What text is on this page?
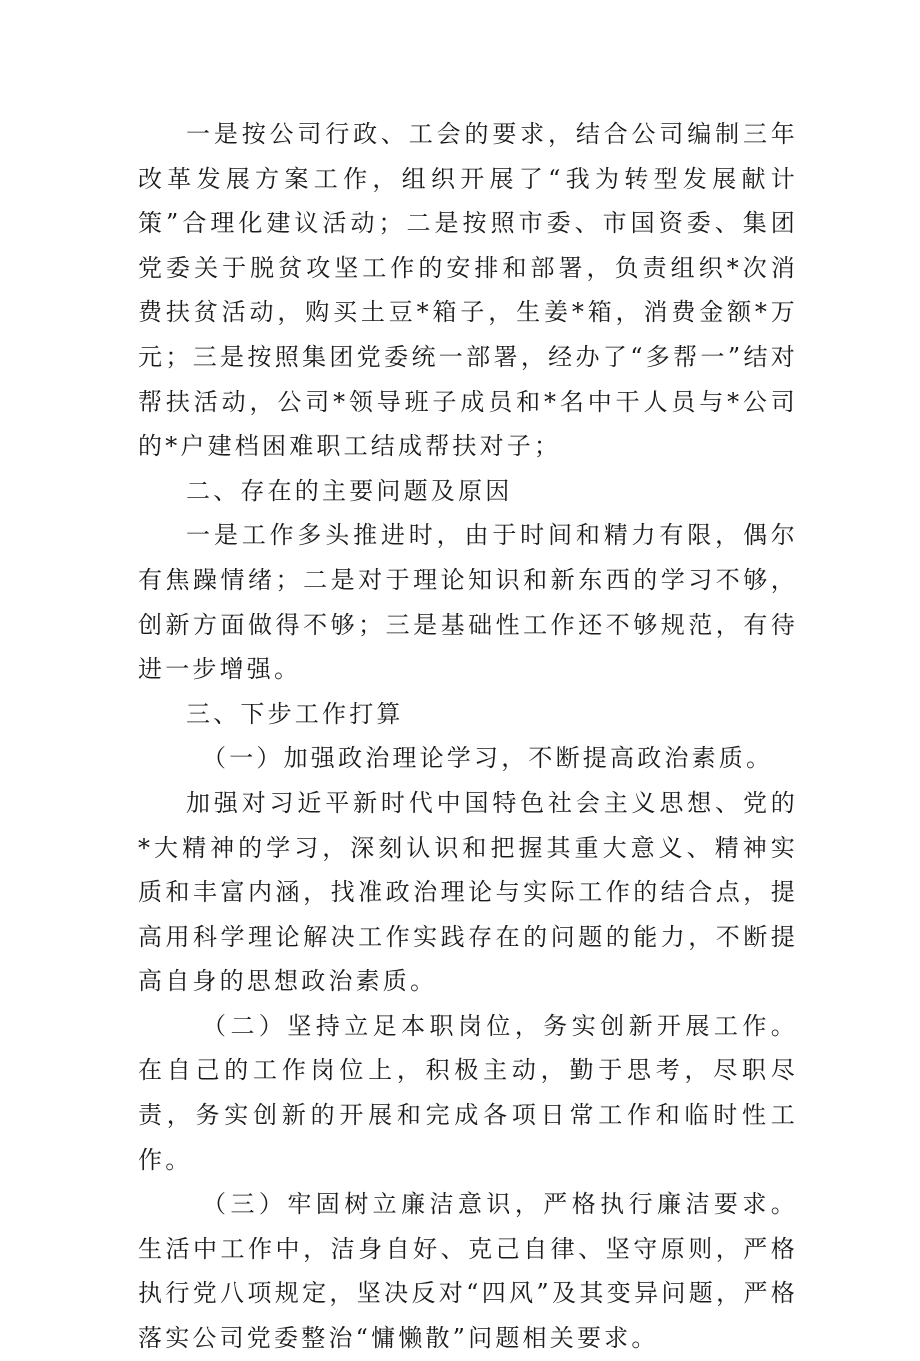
一是按公司行政、工会的要求，结合公司编制三年改革发展方案工作，组织开展了“我为转型发展献计策”合理化建议活动；二是按照市委、市国资委、集团党委关于脱贫攻坚工作的安排和部署，负责组织*次消费扶贫活动，购买土豆*箱子，生姜*箱，消费金额*万元；三是按照集团党委统一部署，经办了“多帮一”结对帮扶活动，公司*领导班子成员和*名中干人员与*公司的*户建档困难职工结成帮扶对子；

二、存在的主要问题及原因

一是工作多头推进时，由于时间和精力有限，偶尔有焦躁情绪；二是对于理论知识和新东西的学习不够，创新方面做得不够；三是基础性工作还不够规范，有待进一步增强。

三、下步工作打算

（一）加强政治理论学习，不断提高政治素质。

加强对习近平新时代中国特色社会主义思想、党的*大精神的学习，深刻认识和把握其重大意义、精神实质和丰富内涵，找准政治理论与实际工作的结合点，提高用科学理论解决工作实践存在的问题的能力，不断提高自身的思想政治素质。

（二）坚持立足本职岗位，务实创新开展工作。在自己的工作岗位上，积极主动，勤于思考，尽职尽责，务实创新的开展和完成各项日常工作和临时性工作。

（三）牢固树立廉洁意识，严格执行廉洁要求。生活中工作中，洁身自好、克己自律、坚守原则，严格执行党八项规定，坚决反对“四风”及其变异问题，严格落实公司党委整治“慵懒散”问题相关要求。
